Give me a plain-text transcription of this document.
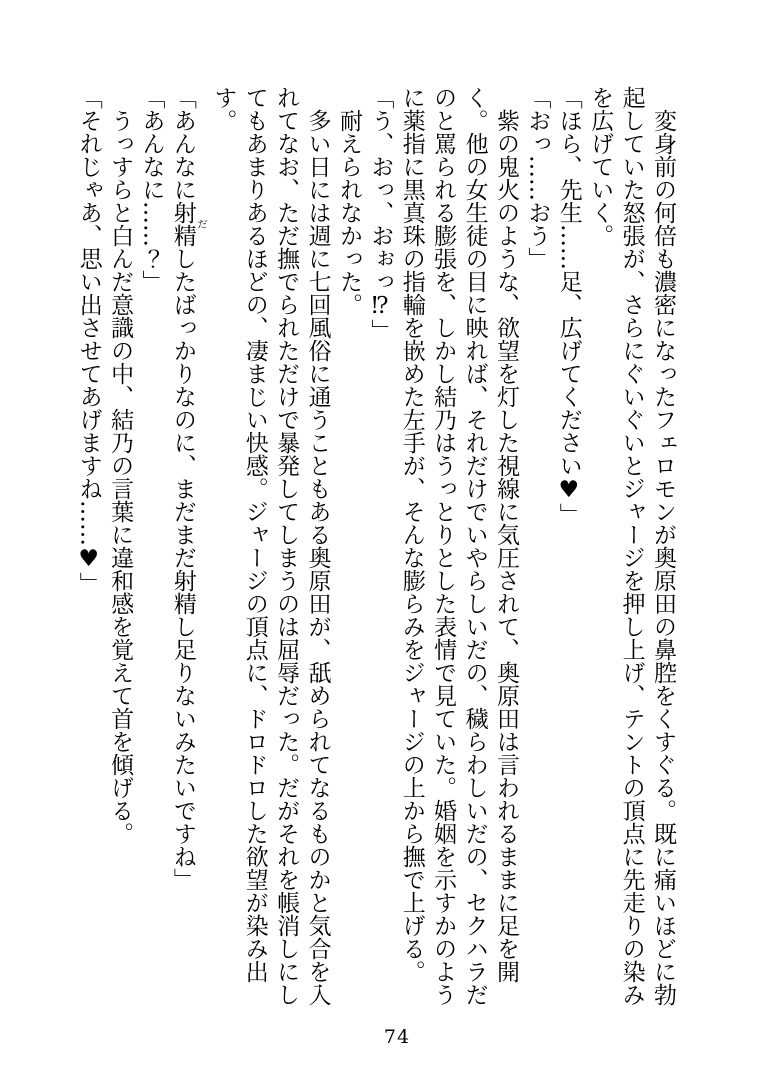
変身前の何倍も濃密になったフェロモンが奥原田の鼻腔をくすぐる。既に痛いほどに勃起していた怒張が、さらにぐいぐいとジャージを押し上げ、テントの頂点に先走りの染みを広げていく。

「ほら、先生……足、広げてください♥」

「おっ……おう」

紫の鬼火のような、欲望を灯した視線に気圧されて、奥原田は言われるままに足を開く。他の女生徒の目に映れば、それだけでいやらしいだの、穢らわしいだの、セクハラだのと罵られる膨張を、しかし結乃はうっとりとした表情で見ていた。婚姻を示すかのように薬指に黒真珠の指輪を嵌めた左手が、そんな膨らみをジャージの上から撫で上げる。

「う、おっ、おぉっ⁉」

耐えられなかった。

多い日には週に七回風俗に通うこともある奥原田が、舐められてなるものかと気合を入れてなお、ただ撫でられただけで暴発してしまうのは屈辱だった。だがそれを帳消しにしてもあまりあるほどの、凄まじい快感。ジャージの頂点に、ドロドロした欲望が染み出す。

「あんなに射精 だしたばっかりなのに、まだまだ射精し足りないみたいですね」

「あんなに……？」

うっすらと白んだ意識の中、結乃の言葉に違和感を覚えて首を傾げる。

「それじゃあ、思い出させてあげますね……♥」

74
